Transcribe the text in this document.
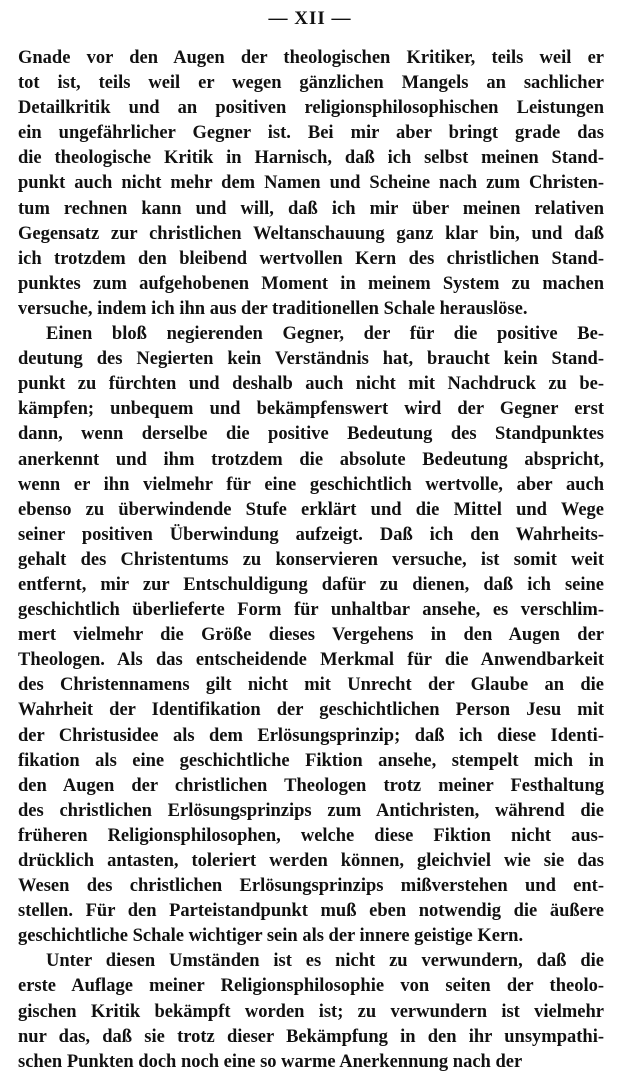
— XII —
Gnade vor den Augen der theologischen Kritiker, teils weil er
tot ist, teils weil er wegen gänzlichen Mangels an sachlicher
Detailkritik und an positiven religionsphilosophischen Leistungen
ein ungefährlicher Gegner ist. Bei mir aber bringt grade das
die theologische Kritik in Harnisch, daß ich selbst meinen Stand-
punkt auch nicht mehr dem Namen und Scheine nach zum Christen-
tum rechnen kann und will, daß ich mir über meinen relativen
Gegensatz zur christlichen Weltanschauung ganz klar bin, und daß
ich trotzdem den bleibend wertvollen Kern des christlichen Stand-
punktes zum aufgehobenen Moment in meinem System zu machen
versuche, indem ich ihn aus der traditionellen Schale herauslöse.
Einen bloß negierenden Gegner, der für die positive Be-
deutung des Negierten kein Verständnis hat, braucht kein Stand-
punkt zu fürchten und deshalb auch nicht mit Nachdruck zu be-
kämpfen; unbequem und bekämpfenswert wird der Gegner erst
dann, wenn derselbe die positive Bedeutung des Standpunktes
anerkennt und ihm trotzdem die absolute Bedeutung abspricht,
wenn er ihn vielmehr für eine geschichtlich wertvolle, aber auch
ebenso zu überwindende Stufe erklärt und die Mittel und Wege
seiner positiven Überwindung aufzeigt. Daß ich den Wahrheits-
gehalt des Christentums zu konservieren versuche, ist somit weit
entfernt, mir zur Entschuldigung dafür zu dienen, daß ich seine
geschichtlich überlieferte Form für unhaltbar ansehe, es verschlim-
mert vielmehr die Größe dieses Vergehens in den Augen der
Theologen. Als das entscheidende Merkmal für die Anwendbarkeit
des Christennamens gilt nicht mit Unrecht der Glaube an die
Wahrheit der Identifikation der geschichtlichen Person Jesu mit
der Christusidee als dem Erlösungsprinzip; daß ich diese Identi-
fikation als eine geschichtliche Fiktion ansehe, stempelt mich in
den Augen der christlichen Theologen trotz meiner Festhaltung
des christlichen Erlösungsprinzips zum Antichristen, während die
früheren Religionsphilosophen, welche diese Fiktion nicht aus-
drücklich antasten, toleriert werden können, gleichviel wie sie das
Wesen des christlichen Erlösungsprinzips mißverstehen und ent-
stellen. Für den Parteistandpunkt muß eben notwendig die äußere
geschichtliche Schale wichtiger sein als der innere geistige Kern.
Unter diesen Umständen ist es nicht zu verwundern, daß die
erste Auflage meiner Religionsphilosophie von seiten der theolo-
gischen Kritik bekämpft worden ist; zu verwundern ist vielmehr
nur das, daß sie trotz dieser Bekämpfung in den ihr unsympathi-
schen Punkten doch noch eine so warme Anerkennung nach der
